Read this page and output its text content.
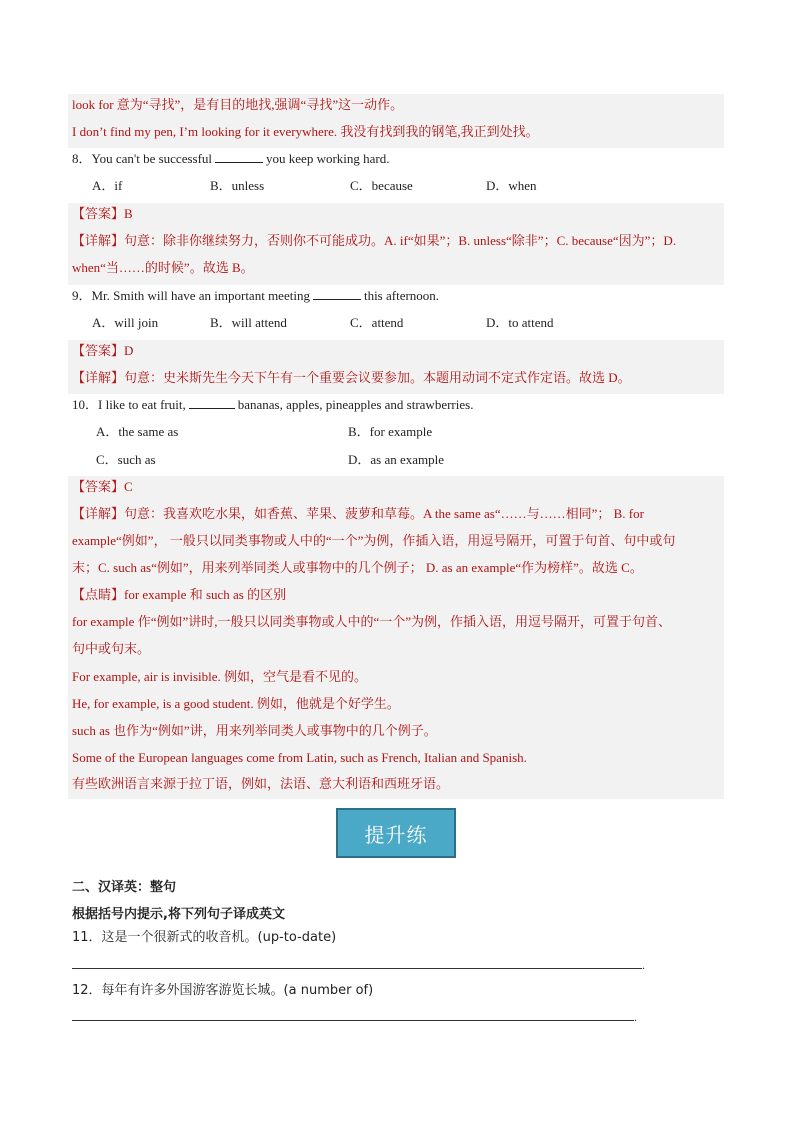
look for 意为“寻找”，是有目的地找,强调“寻找”这一动作。
I don’t find my pen, I’m looking for it everywhere. 我没有找到我的钢笔,我正到处找。
8．You can't be successful	you keep working hard.
A．if	B．unless	C．because	D．when
【答案】B
【详解】句意：除非你继续努力，否则你不可能成功。A. if“如果”；B. unless“除非”；C. because“因为”；D.
when“当……的时候”。故选 B。
9．Mr. Smith will have an important meeting	this afternoon.
A．will join	B．will attend	C．attend	D．to attend
【答案】D
【详解】句意：史米斯先生今天下午有一个重要会议要参加。本题用动词不定式作定语。故选 D。
10．I like to eat fruit,	bananas, apples, pineapples and strawberries.
A．the same as	B．for example
C．such as	D．as an example
【答案】C
【详解】句意：我喜欢吃水果，如香蕉、苹果、菠萝和草莓。A the same as“……与……相同”； B. for
example“例如”， 一般只以同类事物或人中的“一个”为例，作插入语，用逗号隔开，可置于句首、句中或句
末；C. such as“例如”，用来列举同类人或事物中的几个例子； D. as an example“作为榜样”。故选 C。
【点睛】for example 和 such as 的区别
for example 作“例如”讲时,一般只以同类事物或人中的“一个”为例，作插入语，用逗号隔开，可置于句首、
句中或句末。
For example, air is invisible. 例如，空气是看不见的。
He, for example, is a good student. 例如，他就是个好学生。
such as 也作为“例如”讲，用来列举同类人或事物中的几个例子。
Some of the European languages come from Latin, such as French, Italian and Spanish.
有些欧洲语言来源于拉丁语，例如，法语、意大利语和西班牙语。
提升练
二、汉译英：整句
根据括号内提示,将下列句子译成英文
11．这是一个很新式的收音机。(up-to-date)
.
12．每年有许多外国游客游览长城。(a number of)
.
